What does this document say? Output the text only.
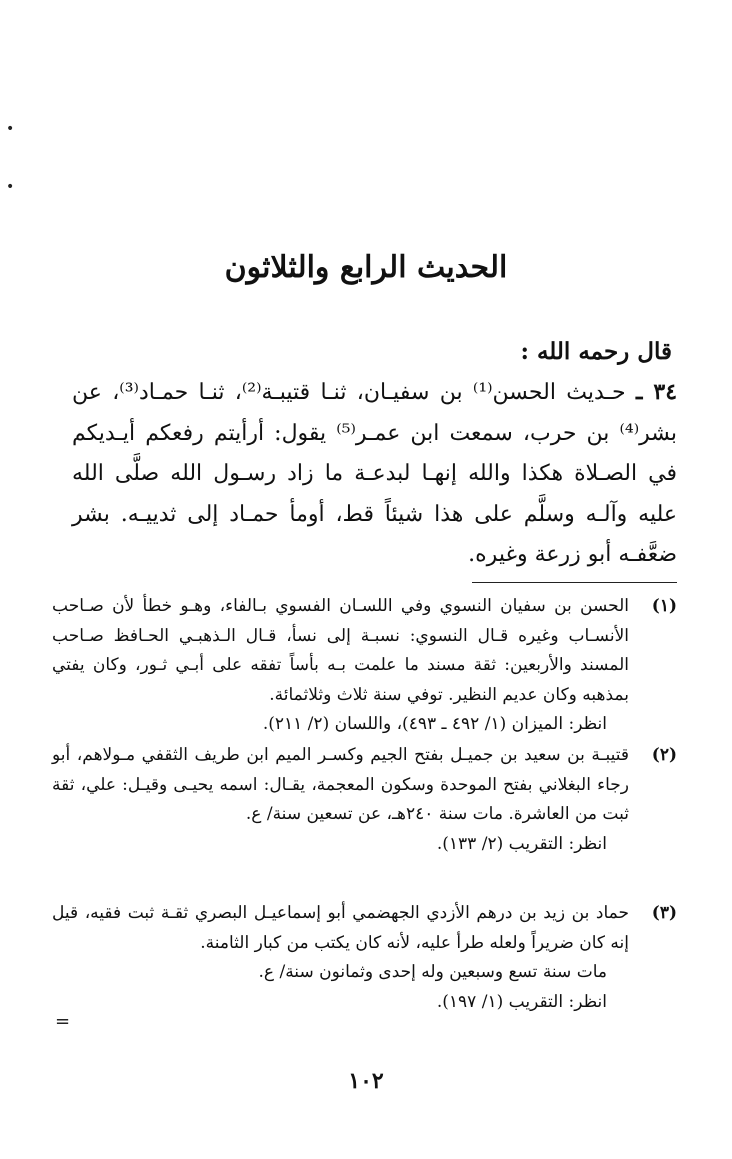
•
•
=
الحديث الرابع والثلاثون
قال رحمه الله :
٣٤ ـ حـديث الحسن⁽¹⁾ بن سفيـان، ثنـا قتيبـة⁽²⁾، ثنـا حمـاد⁽³⁾، عن بشر⁽⁴⁾ بن حرب، سمعت ابن عمـر⁽⁵⁾ يقول: أرأيتم رفعكم أيـديكم في الصـلاة هكذا والله إنهـا لبدعـة ما زاد رسـول الله صلَّى الله عليه وآلـه وسلَّم على هذا شيئاً قط، أومأ حمـاد إلى ثدييـه. بشر ضعَّفـه أبو زرعة وغيره.
(١)
الحسن بن سفيان النسوي وفي اللسـان الفسوي بـالفاء، وهـو خطأ لأن صـاحب الأنسـاب وغيره قـال النسوي: نسبـة إلى نسأ، قـال الـذهبـي الحـافظ صـاحب المسند والأربعين: ثقة مسند ما علمت بـه بأساً تفقه على أبـي ثـور، وكان يفتي بمذهبه وكان عديم النظير. توفي سنة ثلاث وثلاثمائة.
انظر: الميزان (١/ ٤٩٢ ـ ٤٩٣)، واللسان (٢/ ٢١١).
(٢)
قتيبـة بن سعيد بن جميـل بفتح الجيم وكسـر الميم ابن طريف الثقفي مـولاهم، أبو رجاء البغلاني بفتح الموحدة وسكون المعجمة، يقـال: اسمه يحيـى وقيـل: علي، ثقة ثبت من العاشرة. مات سنة ٢٤٠هـ، عن تسعين سنة/ ع.
انظر: التقريب (٢/ ١٣٣).
(٣)
حماد بن زيد بن درهم الأزدي الجهضمي أبو إسماعيـل البصري ثقـة ثبت فقيه، قيل إنه كان ضريراً ولعله طرأ عليه، لأنه كان يكتب من كبار الثامنة.
مات سنة تسع وسبعين وله إحدى وثمانون سنة/ ع.
انظر: التقريب (١/ ١٩٧).
١٠٢
